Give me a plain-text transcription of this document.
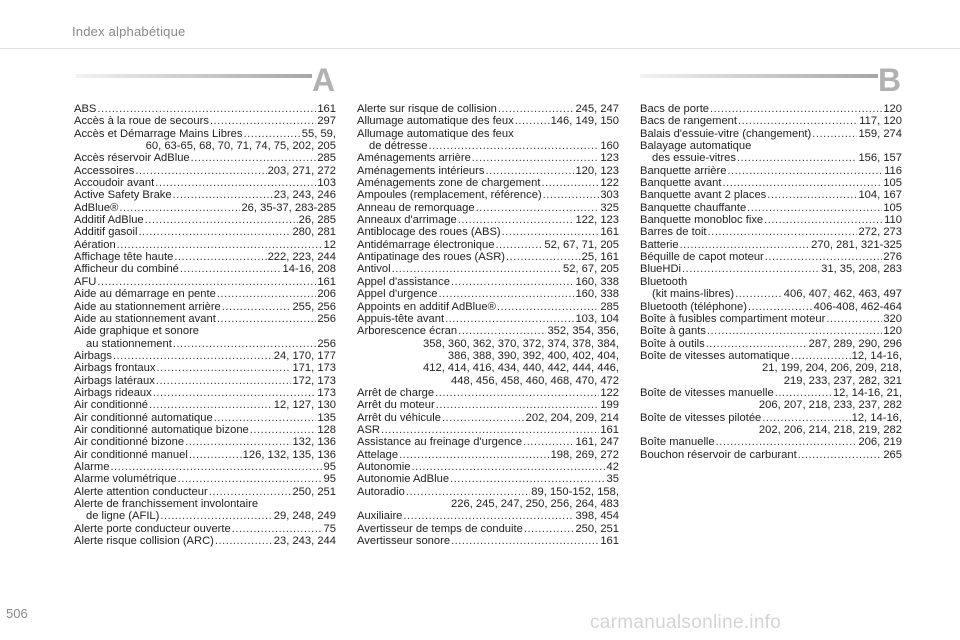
Index alphabétique
A	B
ABS .....	161
Accès à la roue de secours .....	297
Accès et Démarrage Mains Libres .....	55, 59,
60, 63-65, 68, 70, 71, 74, 75, 202, 205
Accès réservoir AdBlue .....	285
Accessoires .....	203, 271, 272
Accoudoir avant .....	103
Active Safety Brake .....	23, 243, 246
AdBlue® .....	26, 35-37, 283-285
Additif AdBlue .....	26, 285
Additif gasoil .....	280, 281
Aération .....	12
Affichage tête haute .....	222, 223, 244
Afficheur du combiné .....	14-16, 208
AFU .....	161
Aide au démarrage en pente .....	206
Aide au stationnement arrière .....	255, 256
Aide au stationnement avant .....	256
Aide graphique et sonore
au stationnement .....	256
Airbags .....	24, 170, 177
Airbags frontaux .....	171, 173
Airbags latéraux .....	172, 173
Airbags rideaux .....	173
Air conditionné .....	12, 127, 130
Air conditionné automatique .....	135
Air conditionné automatique bizone .....	128
Air conditionné bizone .....	132, 136
Air conditionné manuel .....	126, 132, 135, 136
Alarme .....	95
Alarme volumétrique .....	95
Alerte attention conducteur .....	250, 251
Alerte de franchissement involontaire
de ligne (AFIL) .....	29, 248, 249
Alerte porte conducteur ouverte .....	75
Alerte risque collision (ARC) .....	23, 243, 244
Alerte sur risque de collision .....	245, 247
Allumage automatique des feux .....	146, 149, 150
Allumage automatique des feux
de détresse .....	160
Aménagements arrière .....	123
Aménagements intérieurs .....	120, 123
Aménagements zone de chargement .....	122
Ampoules (remplacement, référence) .....	303
Anneau de remorquage .....	325
Anneaux d'arrimage .....	122, 123
Antiblocage des roues (ABS) .....	161
Antidémarrage électronique .....	52, 67, 71, 205
Antipatinage des roues (ASR) .....	25, 161
Antivol .....	52, 67, 205
Appel d'assistance .....	160, 338
Appel d'urgence .....	160, 338
Appoints en additif AdBlue® .....	285
Appuis-tête avant .....	103, 104
Arborescence écran .....	352, 354, 356,
358, 360, 362, 370, 372, 374, 378, 384,
386, 388, 390, 392, 400, 402, 404,
412, 414, 416, 434, 440, 442, 444, 446,
448, 456, 458, 460, 468, 470, 472
Arrêt de charge .....	122
Arrêt du moteur .....	199
Arrêt du véhicule .....	202, 204, 209, 214
ASR .....	161
Assistance au freinage d'urgence .....	161, 247
Attelage .....	198, 269, 272
Autonomie .....	42
Autonomie AdBlue .....	35
Autoradio .....	89, 150-152, 158,
226, 245, 247, 250, 256, 264, 483
Auxiliaire .....	398, 454
Avertisseur de temps de conduite .....	250, 251
Avertisseur sonore .....	161
Bacs de porte .....	120
Bacs de rangement .....	117, 120
Balais d'essuie-vitre (changement) .....	159, 274
Balayage automatique
des essuie-vitres .....	156, 157
Banquette arrière .....	116
Banquette avant .....	105
Banquette avant 2 places .....	104, 167
Banquette chauffante .....	105
Banquette monobloc fixe .....	110
Barres de toit .....	272, 273
Batterie .....	270, 281, 321-325
Béquille de capot moteur .....	276
BlueHDi .....	31, 35, 208, 283
Bluetooth
(kit mains-libres) .....	406, 407, 462, 463, 497
Bluetooth (téléphone) .....	406-408, 462-464
Boîte à fusibles compartiment moteur .....	320
Boîte à gants .....	120
Boîte à outils .....	287, 289, 290, 296
Boîte de vitesses automatique .....	12, 14-16,
21, 199, 204, 206, 209, 218,
219, 233, 237, 282, 321
Boîte de vitesses manuelle .....	12, 14-16, 21,
206, 207, 218, 233, 237, 282
Boîte de vitesses pilotée .....	12, 14-16,
202, 206, 214, 218, 219, 282
Boîte manuelle .....	206, 219
Bouchon réservoir de carburant .....	265
506	carmanualsonline.info
